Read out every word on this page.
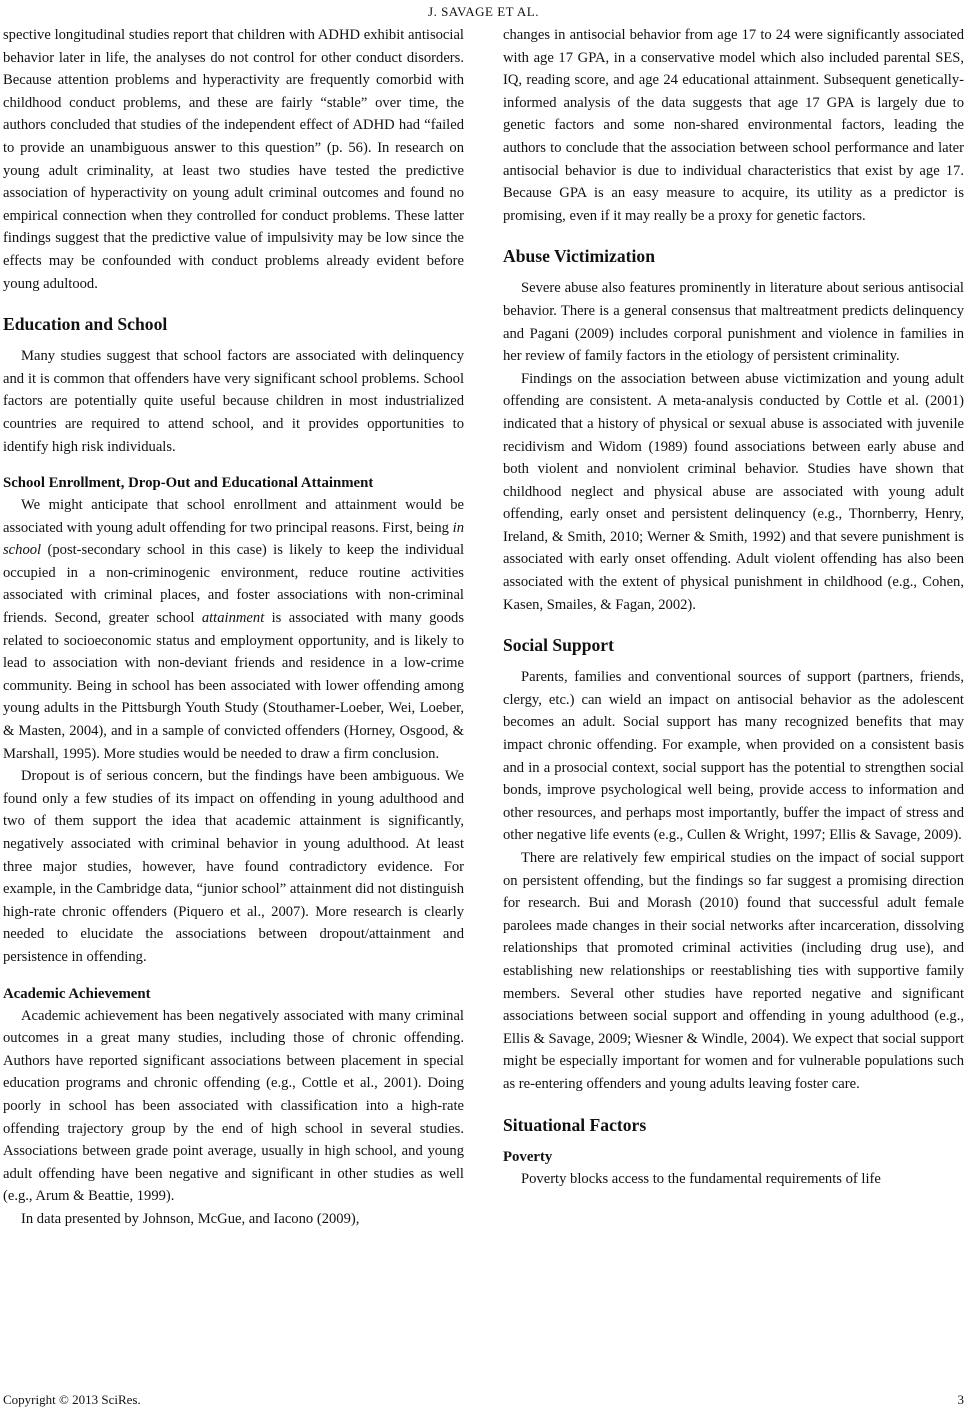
J. SAVAGE ET AL.

spective longitudinal studies report that children with ADHD exhibit antisocial behavior later in life, the analyses do not control for other conduct disorders. Because attention problems and hyperactivity are frequently comorbid with childhood conduct problems, and these are fairly “stable” over time, the authors concluded that studies of the independent effect of ADHD had “failed to provide an unambiguous answer to this question” (p. 56). In research on young adult criminality, at least two studies have tested the predictive association of hyperactivity on young adult criminal outcomes and found no empirical connection when they controlled for conduct problems. These latter findings suggest that the predictive value of impulsivity may be low since the effects may be confounded with conduct problems already evident before young adultood.

Education and School

Many studies suggest that school factors are associated with delinquency and it is common that offenders have very significant school problems. School factors are potentially quite useful because children in most industrialized countries are required to attend school, and it provides opportunities to identify high risk individuals.

School Enrollment, Drop-Out and Educational Attainment

We might anticipate that school enrollment and attainment would be associated with young adult offending for two principal reasons. First, being in school (post-secondary school in this case) is likely to keep the individual occupied in a non-criminogenic environment, reduce routine activities associated with criminal places, and foster associations with non-criminal friends. Second, greater school attainment is associated with many goods related to socioeconomic status and employment opportunity, and is likely to lead to association with non-deviant friends and residence in a low-crime community. Being in school has been associated with lower offending among young adults in the Pittsburgh Youth Study (Stouthamer-Loeber, Wei, Loeber, & Masten, 2004), and in a sample of convicted offenders (Horney, Osgood, & Marshall, 1995). More studies would be needed to draw a firm conclusion.

Dropout is of serious concern, but the findings have been ambiguous. We found only a few studies of its impact on offending in young adulthood and two of them support the idea that academic attainment is significantly, negatively associated with criminal behavior in young adulthood. At least three major studies, however, have found contradictory evidence. For example, in the Cambridge data, “junior school” attainment did not distinguish high-rate chronic offenders (Piquero et al., 2007). More research is clearly needed to elucidate the associations between dropout/attainment and persistence in offending.

Academic Achievement

Academic achievement has been negatively associated with many criminal outcomes in a great many studies, including those of chronic offending. Authors have reported significant associations between placement in special education programs and chronic offending (e.g., Cottle et al., 2001). Doing poorly in school has been associated with classification into a high-rate offending trajectory group by the end of high school in several studies. Associations between grade point average, usually in high school, and young adult offending have been negative and significant in other studies as well (e.g., Arum & Beattie, 1999).

In data presented by Johnson, McGue, and Iacono (2009),

changes in antisocial behavior from age 17 to 24 were significantly associated with age 17 GPA, in a conservative model which also included parental SES, IQ, reading score, and age 24 educational attainment. Subsequent genetically-informed analysis of the data suggests that age 17 GPA is largely due to genetic factors and some non-shared environmental factors, leading the authors to conclude that the association between school performance and later antisocial behavior is due to individual characteristics that exist by age 17. Because GPA is an easy measure to acquire, its utility as a predictor is promising, even if it may really be a proxy for genetic factors.

Abuse Victimization

Severe abuse also features prominently in literature about serious antisocial behavior. There is a general consensus that maltreatment predicts delinquency and Pagani (2009) includes corporal punishment and violence in families in her review of family factors in the etiology of persistent criminality.

Findings on the association between abuse victimization and young adult offending are consistent. A meta-analysis conducted by Cottle et al. (2001) indicated that a history of physical or sexual abuse is associated with juvenile recidivism and Widom (1989) found associations between early abuse and both violent and nonviolent criminal behavior. Studies have shown that childhood neglect and physical abuse are associated with young adult offending, early onset and persistent delinquency (e.g., Thornberry, Henry, Ireland, & Smith, 2010; Werner & Smith, 1992) and that severe punishment is associated with early onset offending. Adult violent offending has also been associated with the extent of physical punishment in childhood (e.g., Cohen, Kasen, Smailes, & Fagan, 2002).

Social Support

Parents, families and conventional sources of support (partners, friends, clergy, etc.) can wield an impact on antisocial behavior as the adolescent becomes an adult. Social support has many recognized benefits that may impact chronic offending. For example, when provided on a consistent basis and in a prosocial context, social support has the potential to strengthen social bonds, improve psychological well being, provide access to information and other resources, and perhaps most importantly, buffer the impact of stress and other negative life events (e.g., Cullen & Wright, 1997; Ellis & Savage, 2009).

There are relatively few empirical studies on the impact of social support on persistent offending, but the findings so far suggest a promising direction for research. Bui and Morash (2010) found that successful adult female parolees made changes in their social networks after incarceration, dissolving relationships that promoted criminal activities (including drug use), and establishing new relationships or reestablishing ties with supportive family members. Several other studies have reported negative and significant associations between social support and offending in young adulthood (e.g., Ellis & Savage, 2009; Wiesner & Windle, 2004). We expect that social support might be especially important for women and for vulnerable populations such as re-entering offenders and young adults leaving foster care.

Situational Factors
Poverty

Poverty blocks access to the fundamental requirements of life

Copyright © 2013 SciRes.	3
